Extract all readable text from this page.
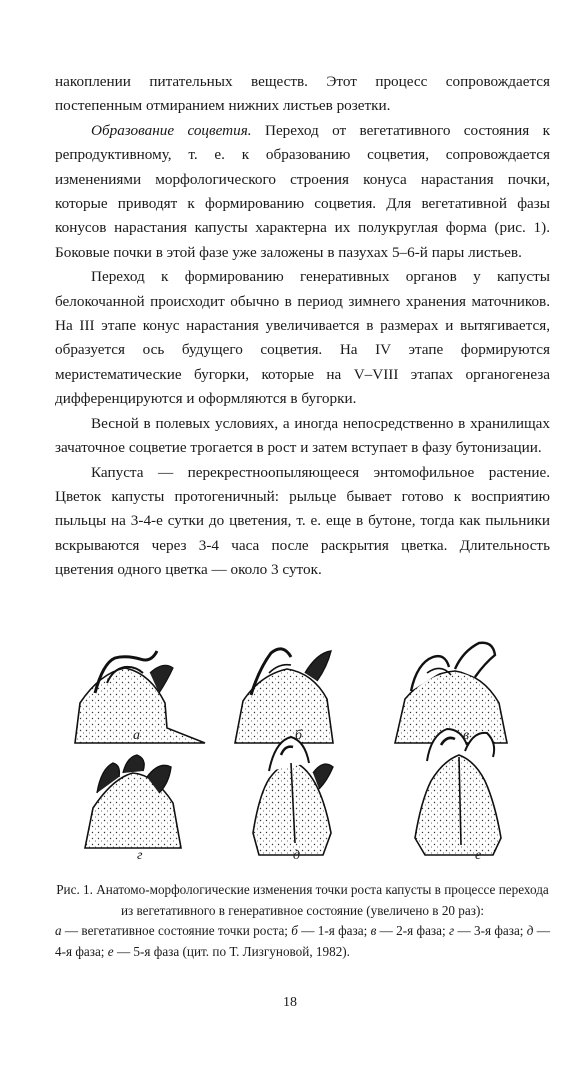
накоплении питательных веществ. Этот процесс сопровождается постепенным отмиранием нижних листьев розетки.

Образование соцветия. Переход от вегетативного состояния к репродуктивному, т. е. к образованию соцветия, сопровождается изменениями морфологического строения конуса нарастания почки, которые приводят к формированию соцветия. Для вегетативной фазы конусов нарастания капусты характерна их полукруглая форма (рис. 1). Боковые почки в этой фазе уже заложены в пазухах 5–6-й пары листьев.

Переход к формированию генеративных органов у капусты белокочанной происходит обычно в период зимнего хранения маточников. На III этапе конус нарастания увеличивается в размерах и вытягивается, образуется ось будущего соцветия. На IV этапе формируются меристематические бугорки, которые на V–VIII этапах органогенеза дифференцируются и оформляются в бугорки.

Весной в полевых условиях, а иногда непосредственно в хранилищах зачаточное соцветие трогается в рост и затем вступает в фазу бутонизации.

Капуста — перекрестноопыляющееся энтомофильное растение. Цветок капусты протогеничный: рыльце бывает готово к восприятию пыльцы на 3-4-е сутки до цветения, т. е. еще в бутоне, тогда как пыльники вскрываются через 3-4 часа после раскрытия цветка. Длительность цветения одного цветка — около 3 суток.

а	б	в
г	д	е

Рис. 1. Анатомо-морфологические изменения точки роста капусты в процессе перехода из вегетативного в генеративное состояние (увеличено в 20 раз):

а — вегетативное состояние точки роста; б — 1-я фаза; в — 2-я фаза; г — 3-я фаза; д — 4-я фаза; е — 5-я фаза (цит. по Т. Лизгуновой, 1982).

18
